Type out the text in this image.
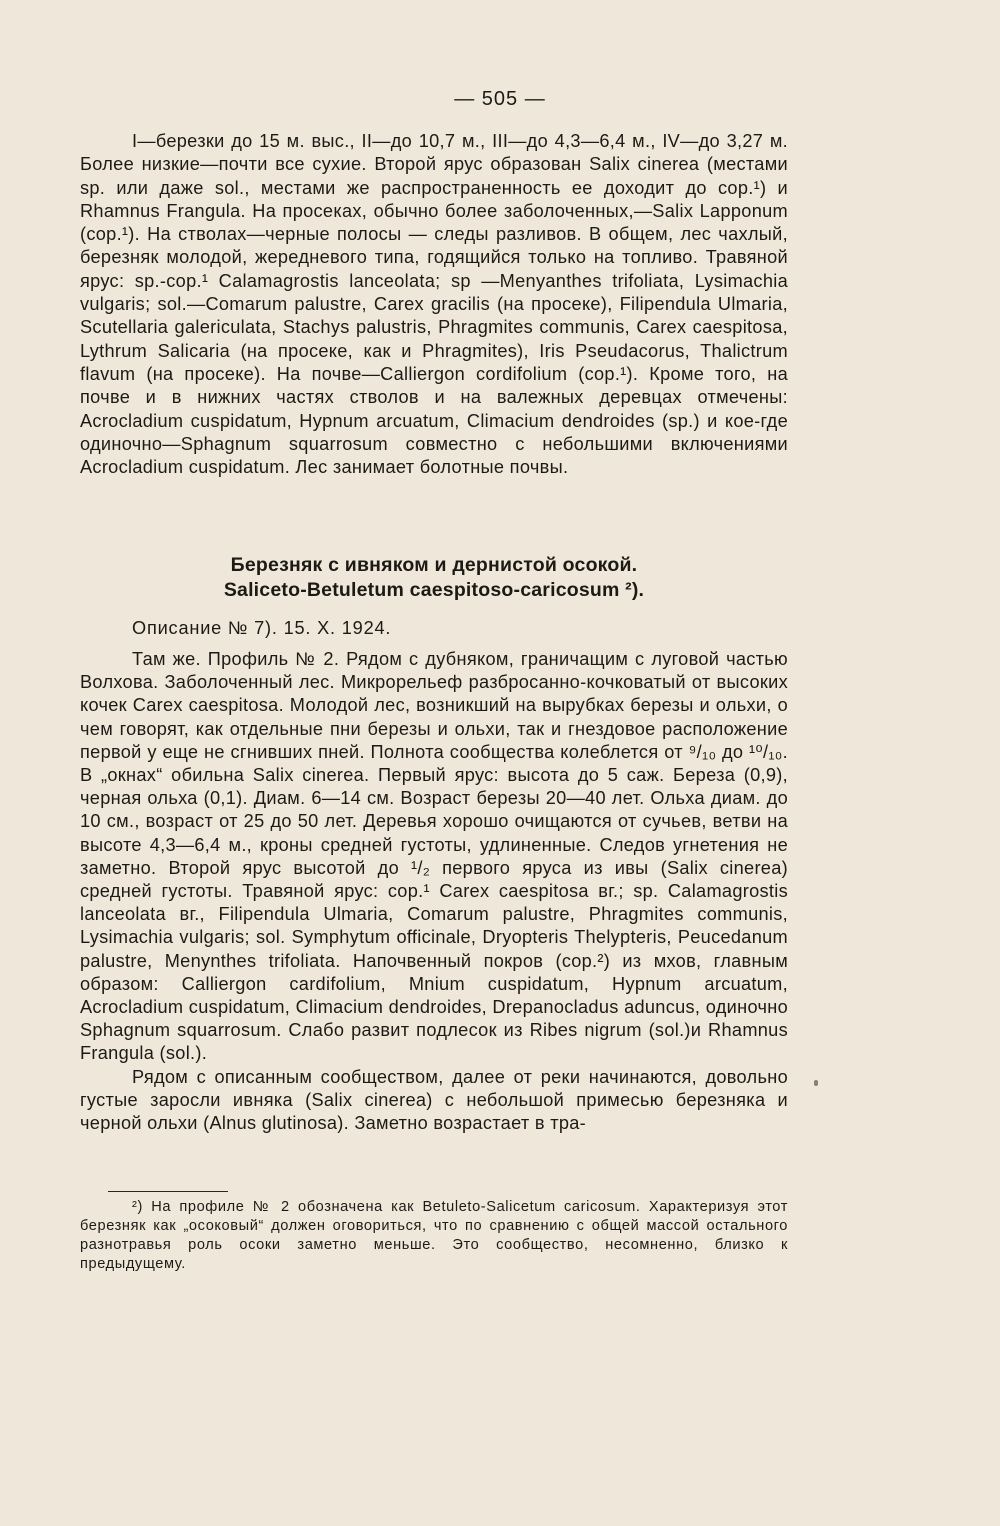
— 505 —

I—березки до 15 м. выс., II—до 10,7 м., III—до 4,3—6,4 м., IV—до 3,27 м. Более низкие—почти все сухие. Второй ярус образован Salix cinerea (местами sp. или даже sol., местами же распространенность ее доходит до cop.¹) и Rhamnus Frangula. На просеках, обычно более заболоченных,—Salix Lapponum (cop.¹). На стволах—черные полосы — следы разливов. В общем, лес чахлый, березняк молодой, жередневого типа, годящийся только на топливо. Травяной ярус: sp.-cop.¹ Calamagrostis lanceolata; sp —Menyanthes trifoliata, Lysimachia vulgaris; sol.—Comarum palustre, Carex gracilis (на просеке), Filipendula Ulmaria, Scutellaria galericulata, Stachys palustris, Phragmites communis, Carex caespitosa, Lythrum Salicaria (на просеке, как и Phragmites), Iris Pseudacorus, Thalictrum flavum (на просеке). На почве—Calliergon cordifolium (cop.¹). Кроме того, на почве и в нижних частях стволов и на валежных деревцах отмечены: Acrocladium cuspidatum, Hypnum arcuatum, Climacium dendroides (sp.) и кое-где одиночно—Sphagnum squarrosum совместно с небольшими включениями Acrocladium cuspidatum. Лес занимает болотные почвы.

Березняк с ивняком и дернистой осокой.
Saliceto-Betuletum caespitoso-caricosum ²).
Описание № 7). 15. X. 1924.

Там же. Профиль № 2. Рядом с дубняком, граничащим с луговой частью Волхова. Заболоченный лес. Микрорельеф разбросанно-кочковатый от высоких кочек Carex caespitosa. Молодой лес, возникший на вырубках березы и ольхи, о чем говорят, как отдельные пни березы и ольхи, так и гнездовое расположение первой у еще не сгнивших пней. Полнота сообщества колеблется от ⁹/₁₀ до ¹⁰/₁₀. В „окнах“ обильна Salix cinerea. Первый ярус: высота до 5 саж. Береза (0,9), черная ольха (0,1). Диам. 6—14 см. Возраст березы 20—40 лет. Ольха диам. до 10 см., возраст от 25 до 50 лет. Деревья хорошо очищаются от сучьев, ветви на высоте 4,3—6,4 м., кроны средней густоты, удлиненные. Следов угнетения не заметно. Второй ярус высотой до ¹/₂ первого яруса из ивы (Salix cinerea) средней густоты. Травяной ярус: cop.¹ Carex caespitosa вг.; sp. Calamagrostis lanceolata вг., Filipendula Ulmaria, Comarum palustre, Phragmites communis, Lysimachia vulgaris; sol. Symphytum officinale, Dryopteris Thelypteris, Peucedanum palustre, Menynthes trifoliata. Напочвенный покров (cop.²) из мхов, главным образом: Calliergon cardifolium, Mnium cuspidatum, Hypnum arcuatum, Acrocladium cuspidatum, Climacium dendroides, Drepanocladus aduncus, одиночно Sphagnum squarrosum. Слабо развит подлесок из Ribes nigrum (sol.)и Rhamnus Frangula (sol.).

Рядом с описанным сообществом, далее от реки начинаются, довольно густые заросли ивняка (Salix cinerea) с небольшой примесью березняка и черной ольхи (Alnus glutinosa). Заметно возрастает в тра-

²) На профиле № 2 обозначена как Betuleto-Salicetum caricosum. Характеризуя этот березняк как „осоковый“ должен оговориться, что по сравнению с общей массой остального разнотравья роль осоки заметно меньше. Это сообщество, несомненно, близко к предыдущему.
